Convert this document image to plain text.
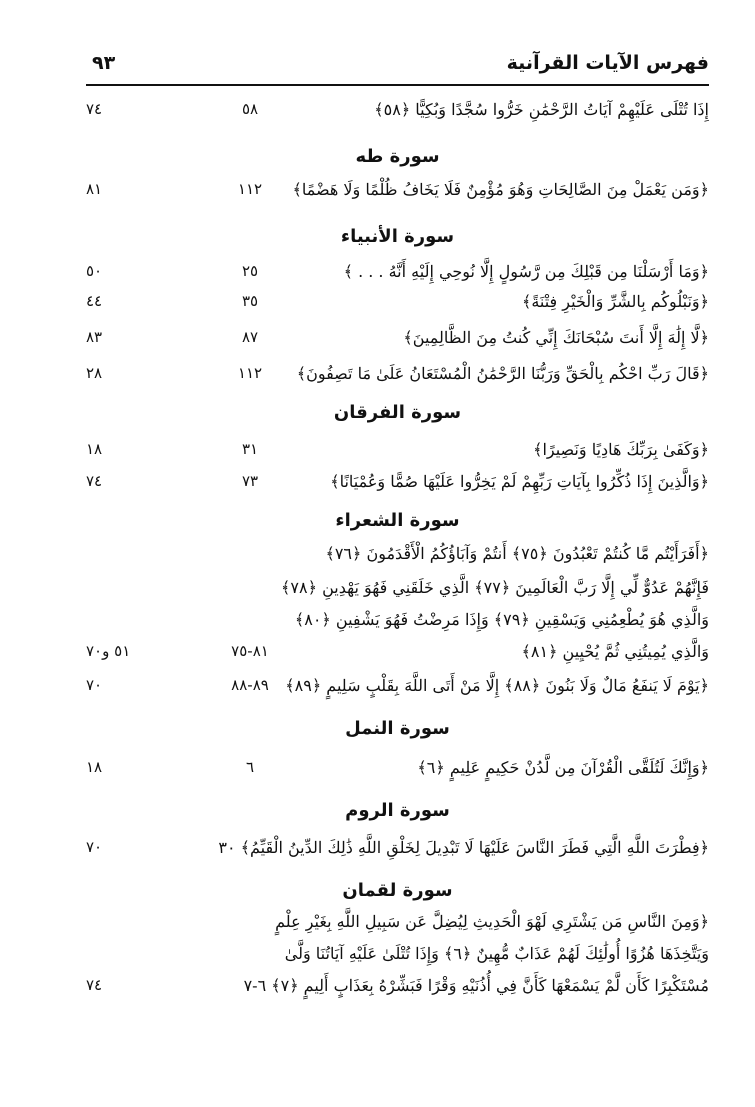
فهرس الآيات القرآنية
٩٣
إِذَا تُتْلَى عَلَيْهِمْ آيَاتُ الرَّحْمَٰنِ خَرُّوا سُجَّدًا وَبُكِيًّا ﴿٥٨﴾
٥٨
٧٤
سورة طه
﴿وَمَن يَعْمَلْ مِنَ الصَّالِحَاتِ وَهُوَ مُؤْمِنٌ فَلَا يَخَافُ ظُلْمًا وَلَا هَضْمًا﴾
١١٢
٨١
سورة الأنبياء
﴿وَمَا أَرْسَلْنَا مِن قَبْلِكَ مِن رَّسُولٍ إِلَّا نُوحِي إِلَيْهِ أَنَّهُ . . . ﴾
٢٥
٥٠
﴿وَنَبْلُوكُم بِالشَّرِّ وَالْخَيْرِ فِتْنَةً﴾
٣٥
٤٤
﴿لَّا إِلَٰهَ إِلَّا أَنتَ سُبْحَانَكَ إِنِّي كُنتُ مِنَ الظَّالِمِينَ﴾
٨٧
٨٣
﴿قَالَ رَبِّ احْكُم بِالْحَقِّ وَرَبُّنَا الرَّحْمَٰنُ الْمُسْتَعَانُ عَلَىٰ مَا تَصِفُونَ﴾
١١٢
٢٨
سورة الفرقان
﴿وَكَفَىٰ بِرَبِّكَ هَادِيًا وَنَصِيرًا﴾
٣١
١٨
﴿وَالَّذِينَ إِذَا ذُكِّرُوا بِآيَاتِ رَبِّهِمْ لَمْ يَخِرُّوا عَلَيْهَا صُمًّا وَعُمْيَانًا﴾
٧٣
٧٤
سورة الشعراء
﴿أَفَرَأَيْتُم مَّا كُنتُمْ تَعْبُدُونَ ﴿٧٥﴾ أَنتُمْ وَآبَاؤُكُمُ الْأَقْدَمُونَ ﴿٧٦﴾
فَإِنَّهُمْ عَدُوٌّ لِّي إِلَّا رَبَّ الْعَالَمِينَ ﴿٧٧﴾ الَّذِي خَلَقَنِي فَهُوَ يَهْدِينِ ﴿٧٨﴾
وَالَّذِي هُوَ يُطْعِمُنِي وَيَسْقِينِ ﴿٧٩﴾ وَإِذَا مَرِضْتُ فَهُوَ يَشْفِينِ ﴿٨٠﴾
وَالَّذِي يُمِيتُنِي ثُمَّ يُحْيِينِ ﴿٨١﴾
٨١-٧٥
٥١ و٧٠
﴿يَوْمَ لَا يَنفَعُ مَالٌ وَلَا بَنُونَ ﴿٨٨﴾ إِلَّا مَنْ أَتَى اللَّهَ بِقَلْبٍ سَلِيمٍ ﴿٨٩﴾
٨٩-٨٨
٧٠
سورة النمل
﴿وَإِنَّكَ لَتُلَقَّى الْقُرْآنَ مِن لَّدُنْ حَكِيمٍ عَلِيمٍ ﴿٦﴾
٦
١٨
سورة الروم
﴿فِطْرَتَ اللَّهِ الَّتِي فَطَرَ النَّاسَ عَلَيْهَا لَا تَبْدِيلَ لِخَلْقِ اللَّهِ ذَٰلِكَ الدِّينُ الْقَيِّمُ﴾ ٣٠
٧٠
سورة لقمان
﴿وَمِنَ النَّاسِ مَن يَشْتَرِي لَهْوَ الْحَدِيثِ لِيُضِلَّ عَن سَبِيلِ اللَّهِ بِغَيْرِ عِلْمٍ
وَيَتَّخِذَهَا هُزُوًا أُولَٰئِكَ لَهُمْ عَذَابٌ مُّهِينٌ ﴿٦﴾ وَإِذَا تُتْلَىٰ عَلَيْهِ آيَاتُنَا وَلَّىٰ
مُسْتَكْبِرًا كَأَن لَّمْ يَسْمَعْهَا كَأَنَّ فِي أُذُنَيْهِ وَقْرًا فَبَشِّرْهُ بِعَذَابٍ أَلِيمٍ ﴿٧﴾ ٦-٧
٧٤
